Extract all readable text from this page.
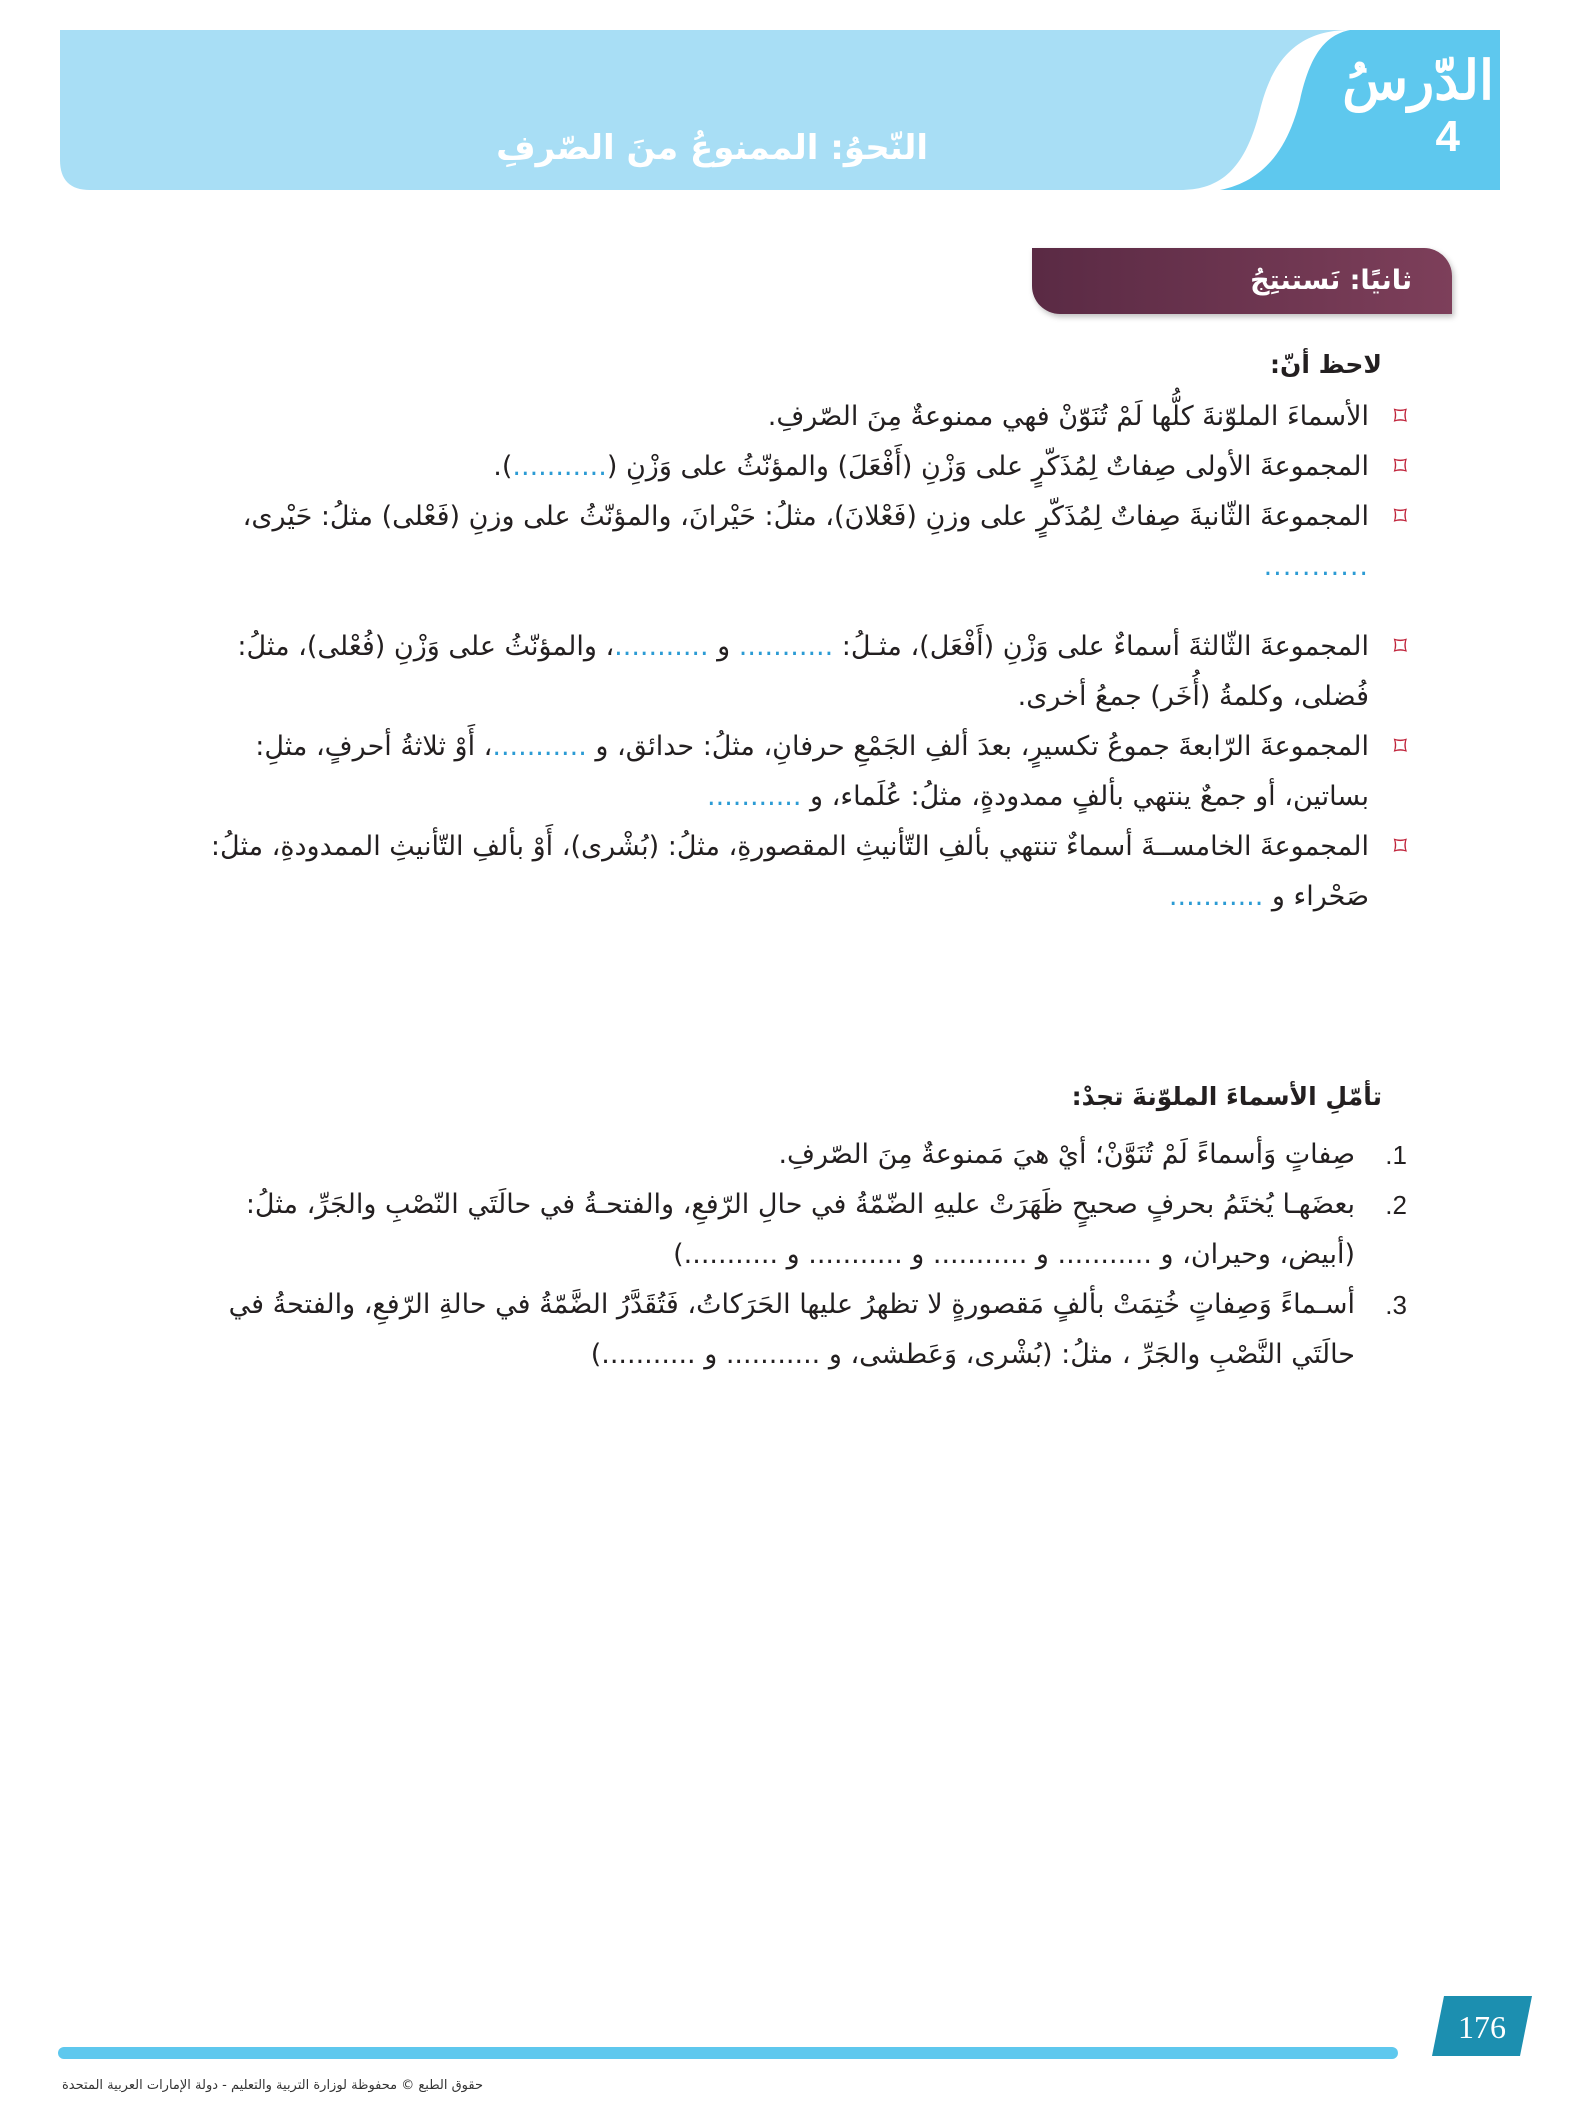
النّحوُ: الممنوعُ منَ الصّرفِ
الدّرسُ
4
ثانيًا: نَستنتِجُ
لاحظ أنّ:
⌑
الأسماءَ الملوّنةَ كلُّها لَمْ تُنَوّنْ فهي ممنوعةٌ مِنَ الصّرفِ.
⌑
المجموعةَ الأولى صِفاتٌ لِمُذَكّرٍ على وَزْنِ (أَفْعَلَ) والمؤنّثُ على وَزْنِ (...........).
⌑
المجموعةَ الثّانيةَ صِفاتٌ لِمُذَكّرٍ على وزنِ (فَعْلانَ)، مثلُ: حَيْرانَ، والمؤنّثُ على وزنِ (فَعْلى) مثلُ: حَيْرى،
...........
⌑
المجموعةَ الثّالثةَ أسماءٌ على وَزْنِ (أَفْعَل)، مثـلُ: ........... و ...........، والمؤنّثُ على وَزْنِ (فُعْلى)، مثلُ:
فُضلى، وكلمةُ (أُخَر) جمعُ أخرى.
⌑
المجموعةَ الرّابعةَ جموعُ تكسيرٍ، بعدَ ألفِ الجَمْعِ حرفانِ، مثلُ: حدائق، و ...........، أَوْ ثلاثةُ أحرفٍ، مثلِ:
بساتين، أو جمعٌ ينتهي بألفٍ ممدودةٍ، مثلُ: عُلَماء، و ...........
⌑
المجموعةَ الخامســةَ أسماءٌ تنتهي بألفِ التّأنيثِ المقصورةِ، مثلُ: (بُشْرى)، أَوْ بألفِ التّأنيثِ الممدودةِ، مثلُ:
صَحْراء و ...........
تأمّلِ الأسماءَ الملوّنةَ تجدْ:
1.
صِفاتٍ وَأسماءً لَمْ تُنَوَّنْ؛ أيْ هيَ مَمنوعةٌ مِنَ الصّرفِ.
2.
بعضَهـا يُختَمُ بحرفٍ صحيحٍ ظَهَرَتْ عليهِ الضّمّةُ في حالِ الرّفعِ، والفتحـةُ في حالَتَي النّصْبِ والجَرِّ، مثلُ:
(أبيض، وحيران، و ........... و ........... و ........... و ...........)
3.
أسـماءً وَصِفاتٍ خُتِمَتْ بألفٍ مَقصورةٍ لا تظهرُ عليها الحَرَكاتُ، فَتُقَدَّرُ الضَّمّةُ في حالةِ الرّفعِ، والفتحةُ في
حالَتَي النَّصْبِ والجَرِّ ، مثلُ: (بُشْرى، وَعَطشى، و ........... و ...........)
176
حقوق الطبع © محفوظة لوزارة التربية والتعليم - دولة الإمارات العربية المتحدة
